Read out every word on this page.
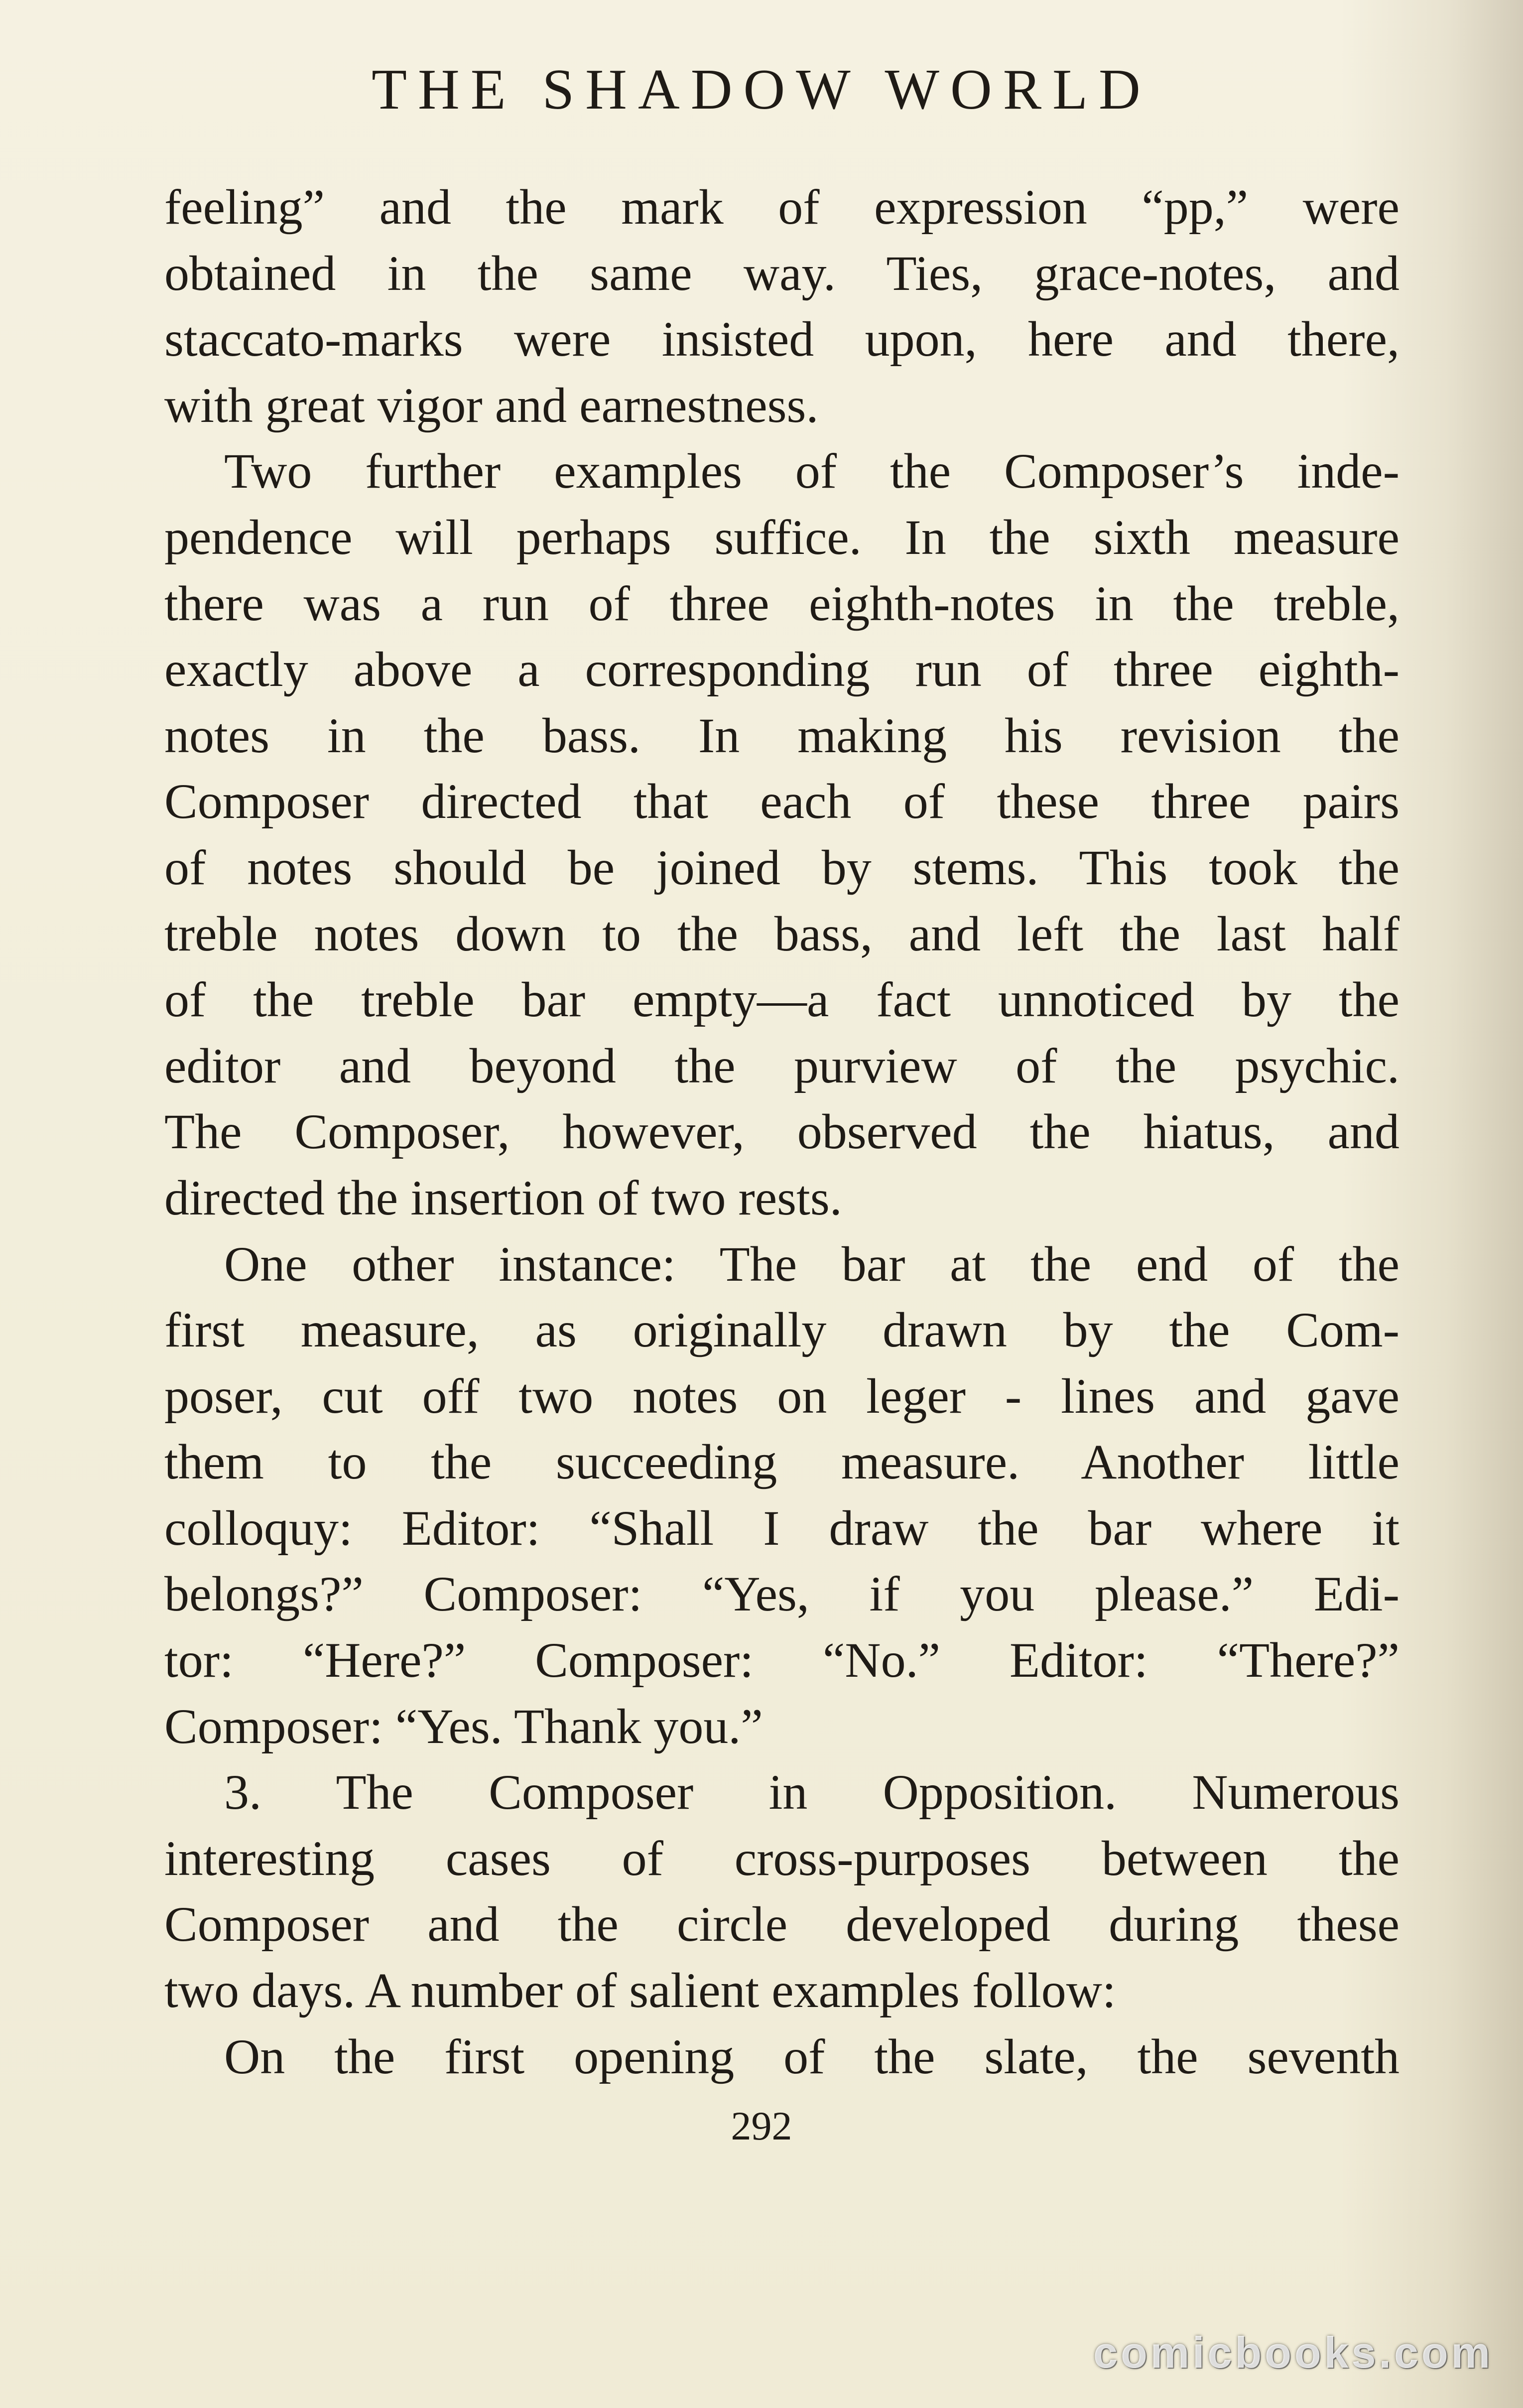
THE SHADOW WORLD
feeling” and the mark of expression “pp,” were
obtained in the same way. Ties, grace-notes, and
staccato-marks were insisted upon, here and there,
with great vigor and earnestness.
Two further examples of the Composer’s inde-
pendence will perhaps suffice. In the sixth measure
there was a run of three eighth-notes in the treble,
exactly above a corresponding run of three eighth-
notes in the bass. In making his revision the
Composer directed that each of these three pairs
of notes should be joined by stems. This took the
treble notes down to the bass, and left the last half
of the treble bar empty—a fact unnoticed by the
editor and beyond the purview of the psychic.
The Composer, however, observed the hiatus, and
directed the insertion of two rests.
One other instance: The bar at the end of the
first measure, as originally drawn by the Com-
poser, cut off two notes on leger - lines and gave
them to the succeeding measure. Another little
colloquy: Editor: “Shall I draw the bar where it
belongs?” Composer: “Yes, if you please.” Edi-
tor: “Here?” Composer: “No.” Editor: “There?”
Composer: “Yes. Thank you.”
3. The Composer in Opposition. Numerous
interesting cases of cross-purposes between the
Composer and the circle developed during these
two days. A number of salient examples follow:
On the first opening of the slate, the seventh
292
comicbooks.com
